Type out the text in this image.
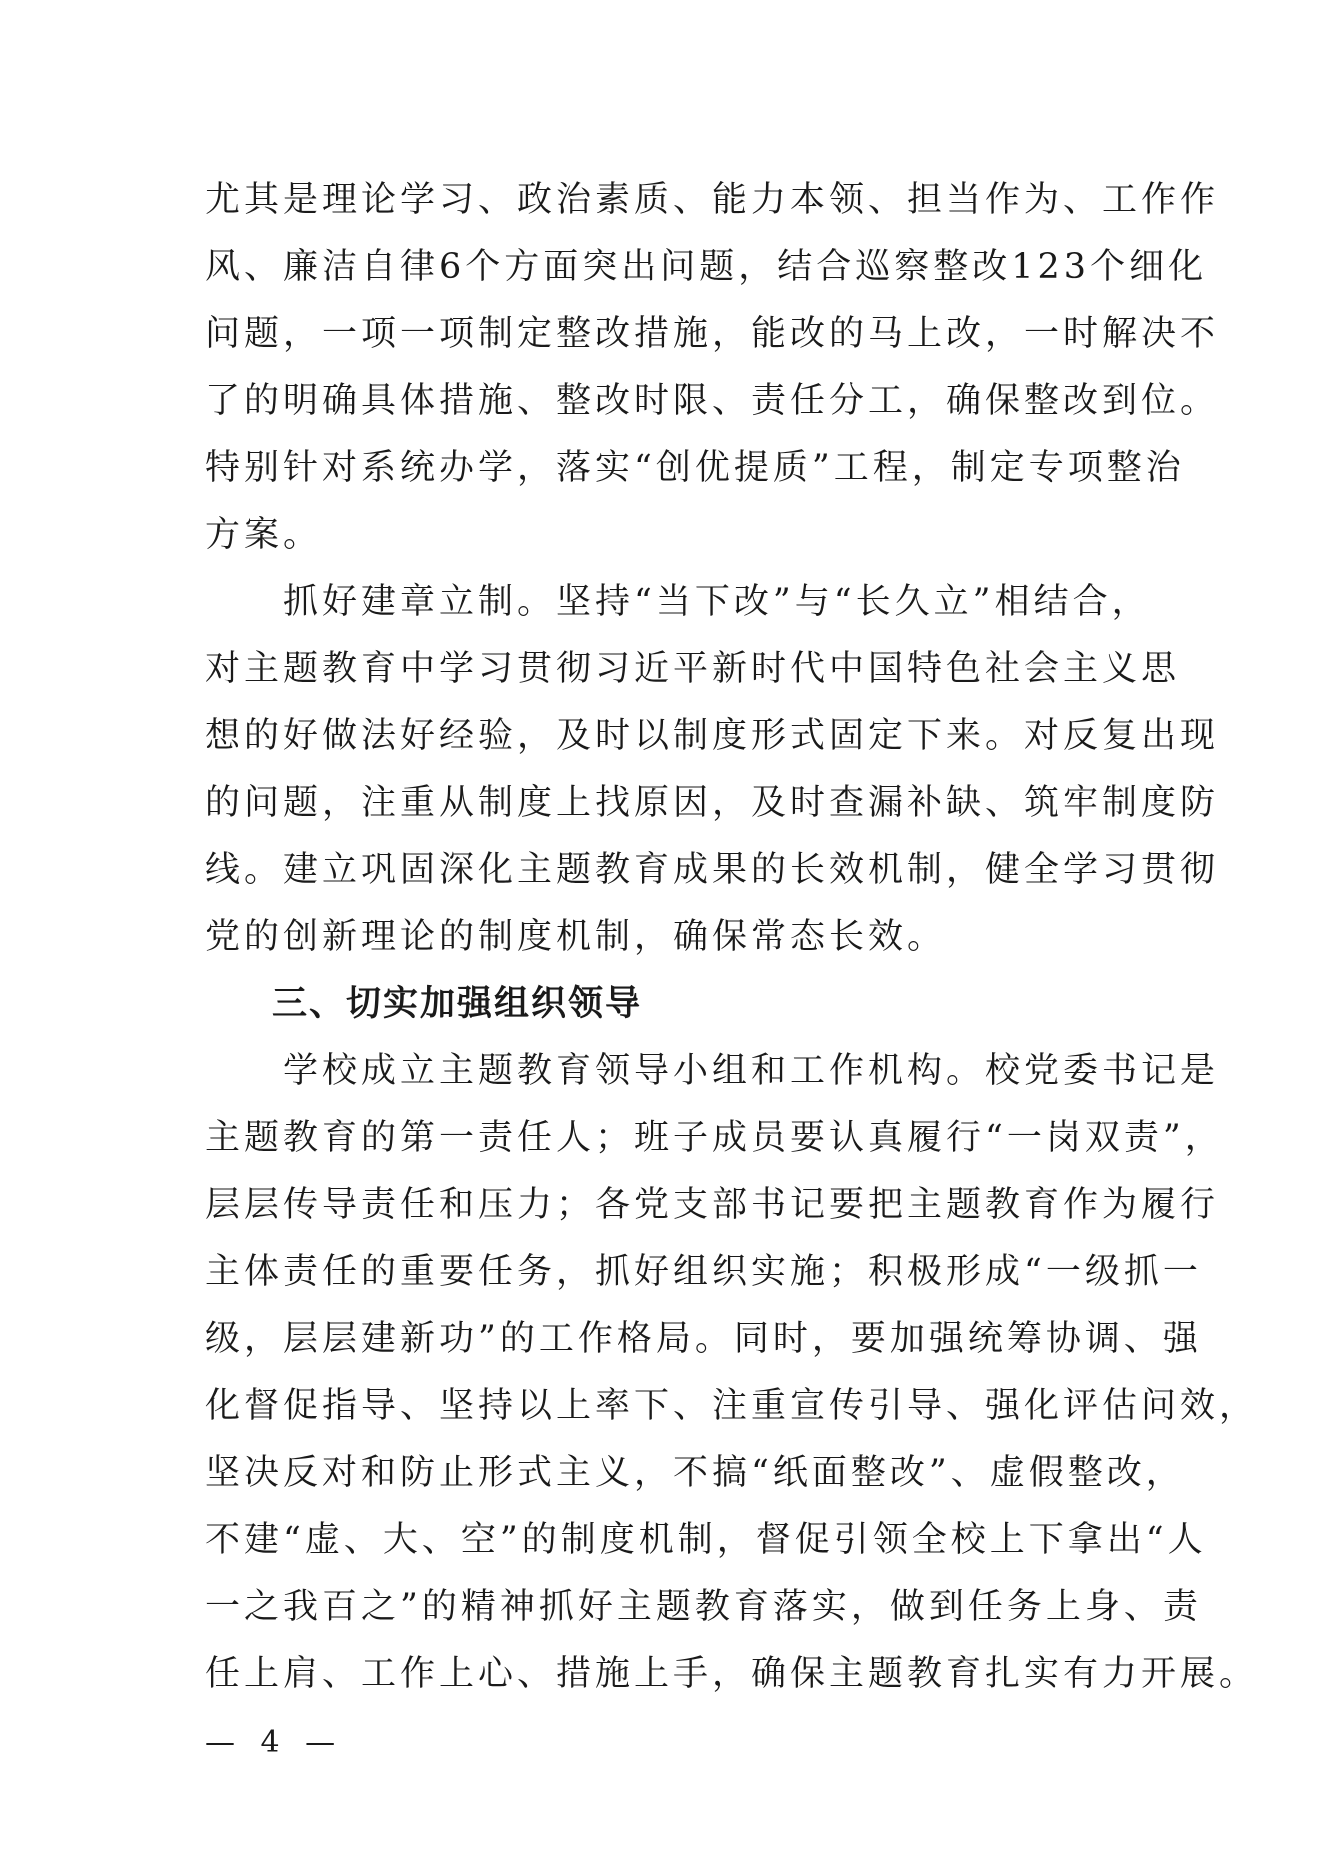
尤其是理论学习、政治素质、能力本领、担当作为、工作作
风、廉洁自律6个方面突出问题，结合巡察整改123个细化
问题，一项一项制定整改措施，能改的马上改，一时解决不
了的明确具体措施、整改时限、责任分工，确保整改到位。
特别针对系统办学，落实“创优提质”工程，制定专项整治
方案。
抓好建章立制。坚持“当下改”与“长久立”相结合，
对主题教育中学习贯彻习近平新时代中国特色社会主义思
想的好做法好经验，及时以制度形式固定下来。对反复出现
的问题，注重从制度上找原因，及时查漏补缺、筑牢制度防
线。建立巩固深化主题教育成果的长效机制，健全学习贯彻
党的创新理论的制度机制，确保常态长效。
三、切实加强组织领导
学校成立主题教育领导小组和工作机构。校党委书记是
主题教育的第一责任人；班子成员要认真履行“一岗双责”，
层层传导责任和压力；各党支部书记要把主题教育作为履行
主体责任的重要任务，抓好组织实施；积极形成“一级抓一
级，层层建新功”的工作格局。同时，要加强统筹协调、强
化督促指导、坚持以上率下、注重宣传引导、强化评估问效，
坚决反对和防止形式主义，不搞“纸面整改”、虚假整改，
不建“虚、大、空”的制度机制，督促引领全校上下拿出“人
一之我百之”的精神抓好主题教育落实，做到任务上身、责
任上肩、工作上心、措施上手，确保主题教育扎实有力开展。
— 4 —
